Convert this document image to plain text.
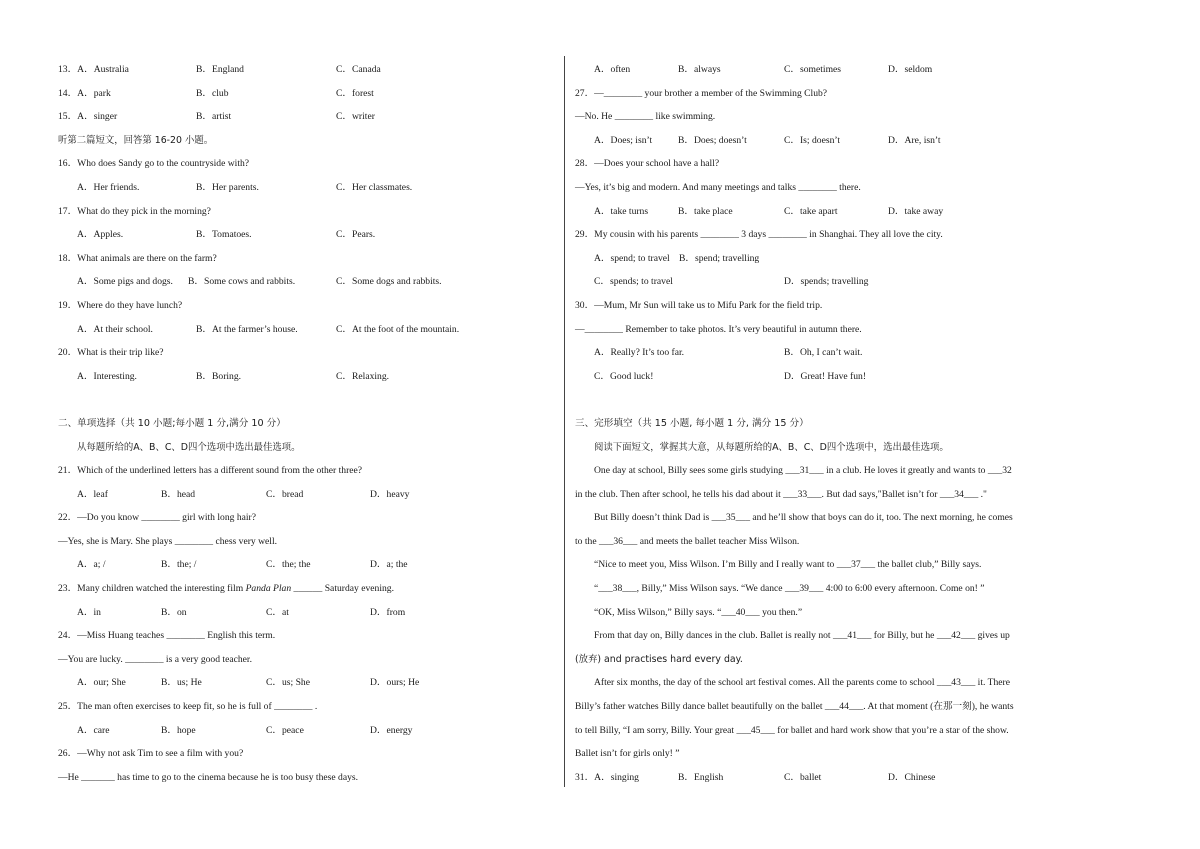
13．A．Australia	B．England	C．Canada
14．A．park	B．club	C．forest
15．A．singer	B．artist	C．writer
听第二篇短文，回答第 16-20 小题。
16．Who does Sandy go to the countryside with?
A．Her friends.	B．Her parents.	C．Her classmates.
17．What do they pick in the morning?
A．Apples.	B．Tomatoes.	C．Pears.
18．What animals are there on the farm?
A．Some pigs and dogs. B．Some cows and rabbits.	C．Some dogs and rabbits.
19．Where do they have lunch?
A．At their school.	B．At the farmer’s house.	C．At the foot of the mountain.
20．What is their trip like?
A．Interesting.	B．Boring.	C．Relaxing.
二、单项选择（共 10 小题;每小题 1 分,满分 10 分）
从每题所给的A、B、C、D四个选项中选出最佳选项。
21．Which of the underlined letters has a different sound from the other three?
A．leaf	B．head	C．bread	D．heavy
22．—Do you know ________ girl with long hair?
—Yes, she is Mary. She plays ________ chess very well.
A．a; /	B．the; /	C．the; the	D．a; the
23．Many children watched the interesting film Panda Plan ______ Saturday evening.
A．in	B．on	C．at	D．from
24．—Miss Huang teaches ________ English this term.
—You are lucky. ________ is a very good teacher.
A．our; She	B．us; He	C．us; She	D．ours; He
25．The man often exercises to keep fit, so he is full of ________ .
A．care	B．hope	C．peace	D．energy
26．—Why not ask Tim to see a film with you?
—He _______ has time to go to the cinema because he is too busy these days.
A．often	B．always	C．sometimes	D．seldom
27．—________ your brother a member of the Swimming Club?
—No. He ________ like swimming.
A．Does; isn’t	B．Does; doesn’t	C．Is; doesn’t	D．Are, isn’t
28．—Does your school have a hall?
—Yes, it’s big and modern. And many meetings and talks ________ there.
A．take turns	B．take place	C．take apart	D．take away
29．My cousin with his parents ________ 3 days ________ in Shanghai. They all love the city.
A．spend; to travel B．spend; travelling
C．spends; to travel	D．spends; travelling
30．—Mum, Mr Sun will take us to Mifu Park for the field trip.
—________ Remember to take photos. It’s very beautiful in autumn there.
A．Really? It’s too far.	B．Oh, I can’t wait.
C．Good luck!	D．Great! Have fun!
三、完形填空（共 15 小题, 每小题 1 分, 满分 15 分）
阅读下面短文，掌握其大意，从每题所给的A、B、C、D四个选项中，选出最佳选项。
One day at school, Billy sees some girls studying ___31___ in a club. He loves it greatly and wants to ___32
in the club. Then after school, he tells his dad about it ___33___. But dad says,"Ballet isn’t for ___34___ ."
But Billy doesn’t think Dad is ___35___ and he’ll show that boys can do it, too. The next morning, he comes
to the ___36___ and meets the ballet teacher Miss Wilson.
“Nice to meet you, Miss Wilson. I’m Billy and I really want to ___37___ the ballet club,” Billy says.
“___38___, Billy,” Miss Wilson says. “We dance ___39___ 4:00 to 6:00 every afternoon. Come on! ”
“OK, Miss Wilson,” Billy says. “___40___ you then.”
From that day on, Billy dances in the club. Ballet is really not ___41___ for Billy, but he ___42___ gives up
(放弃) and practises hard every day.
After six months, the day of the school art festival comes. All the parents come to school ___43___ it. There
Billy’s father watches Billy dance ballet beautifully on the ballet ___44___. At that moment (在那一刻), he wants
to tell Billy, “I am sorry, Billy. Your great ___45___ for ballet and hard work show that you’re a star of the show.
Ballet isn’t for girls only! ”
31．A．singing	B．English	C．ballet	D．Chinese
